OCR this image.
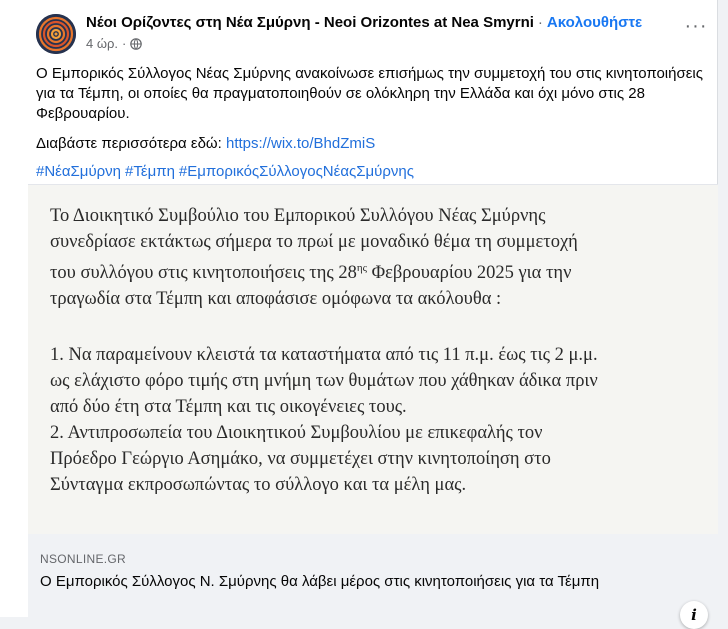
Νέοι Ορίζοντες στη Νέα Σμύρνη - Neoi Orizontes at Nea Smyrni · Ακολουθήστε
4 ώρ. ·
···

Ο Εμπορικός Σύλλογος Νέας Σμύρνης ανακοίνωσε επισήμως την συμμετοχή του στις κινητοποιήσεις για τα Τέμπη, οι οποίες θα πραγματοποιηθούν σε ολόκληρη την Ελλάδα και όχι μόνο στις 28 Φεβρουαρίου.

Διαβάστε περισσότερα εδώ: https://wix.to/BhdZmiS

#ΝέαΣμύρνη #Τέμπη #ΕμπορικόςΣύλλογοςΝέαςΣμύρνης

Το Διοικητικό Συμβούλιο του Εμπορικού Συλλόγου Νέας Σμύρνης

συνεδρίασε εκτάκτως σήμερα το πρωί με μοναδικό θέμα τη συμμετοχή

του συλλόγου στις κινητοποιήσεις της $28^{\eta\varsigma}$ Φεβρουαρίου 2025 για την

τραγωδία στα Τέμπη και αποφάσισε ομόφωνα τα ακόλουθα :

1. Να παραμείνουν κλειστά τα καταστήματα από τις 11 π.μ. έως τις 2 μ.μ.

ως ελάχιστο φόρο τιμής στη μνήμη των θυμάτων που χάθηκαν άδικα πριν

από δύο έτη στα Τέμπη και τις οικογένειες τους.

2. Αντιπροσωπεία του Διοικητικού Συμβουλίου με επικεφαλής τον

Πρόεδρο Γεώργιο Ασημάκο, να συμμετέχει στην κινητοποίηση στο

Σύνταγμα εκπροσωπώντας το σύλλογο και τα μέλη μας.

i
NSONLINE.GR
Ο Εμπορικός Σύλλογος Ν. Σμύρνης θα λάβει μέρος στις κινητοποιήσεις για τα Τέμπη
